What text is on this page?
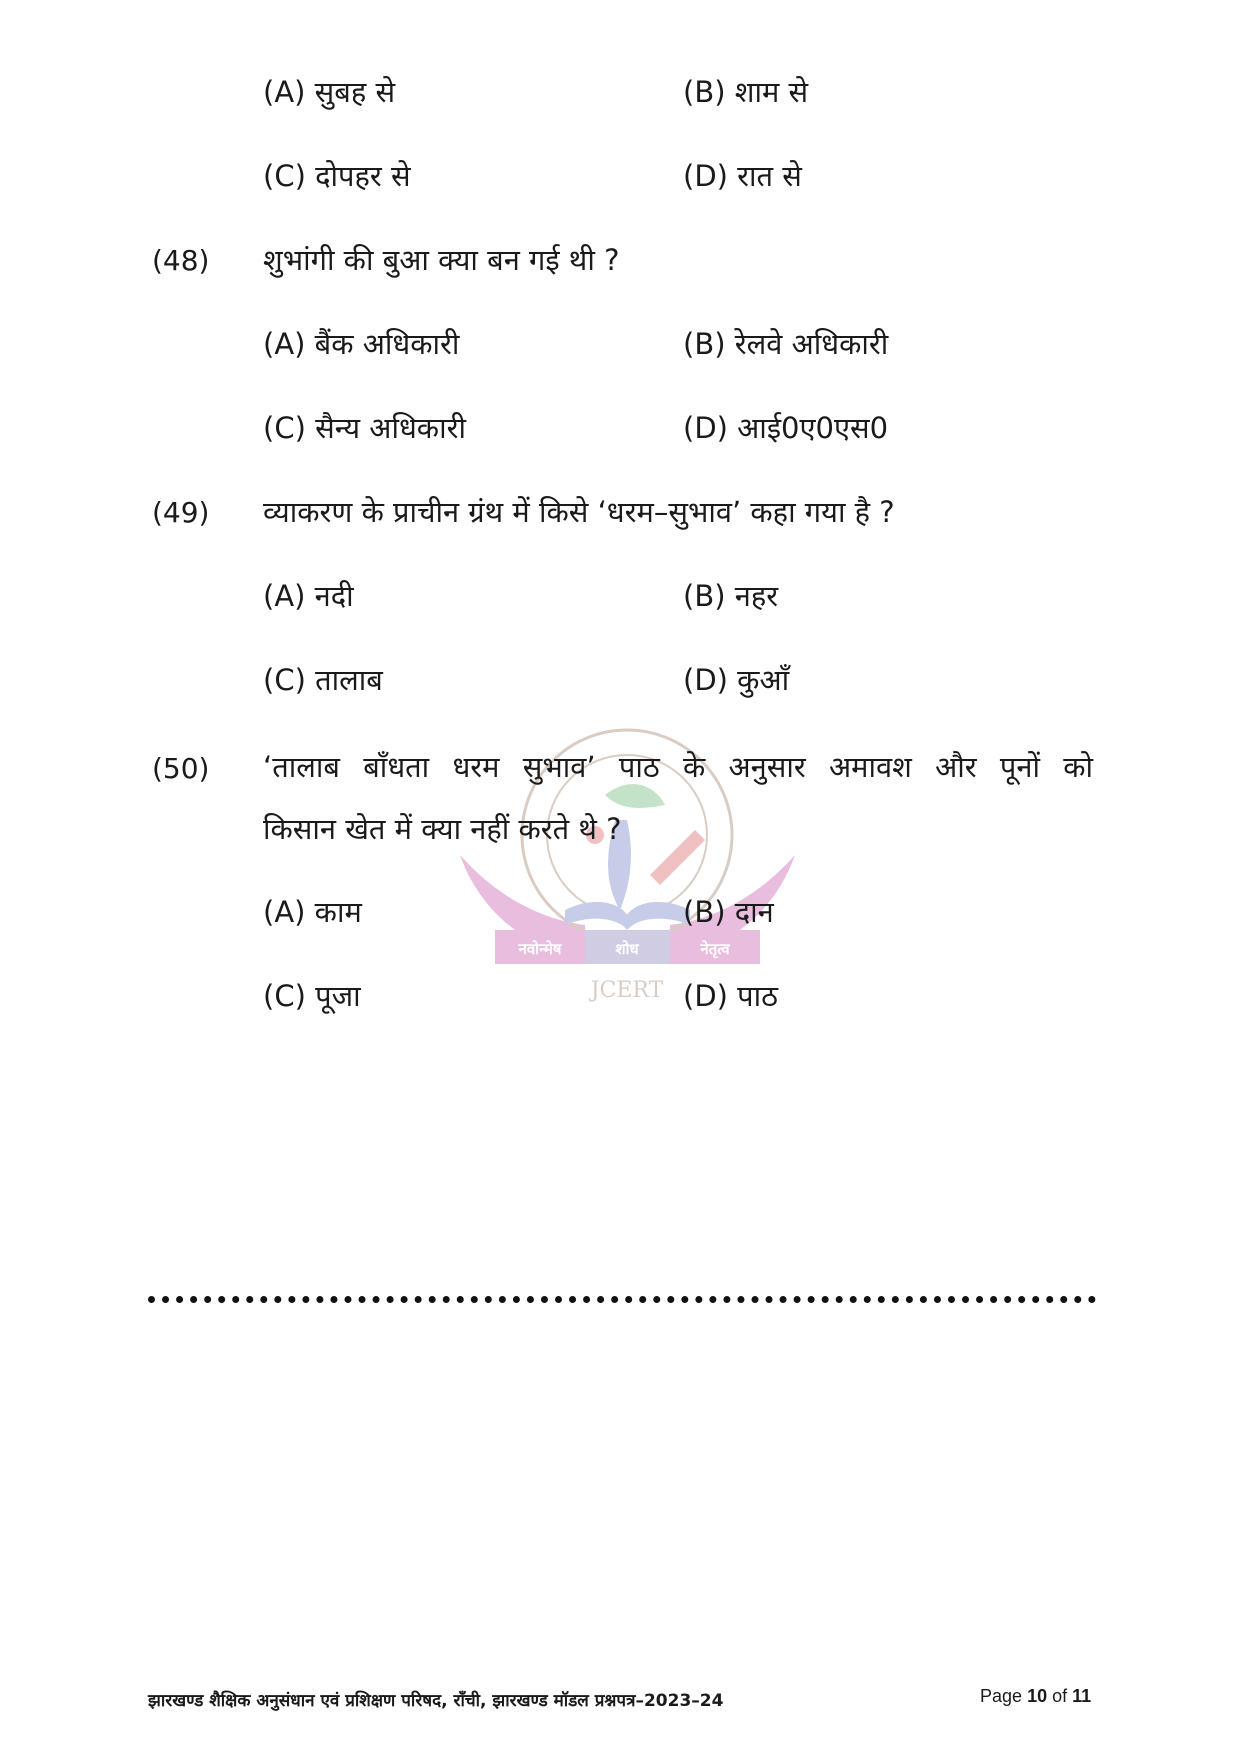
नवोन्मेष	शोध	नेतृत्व
JCERT
(A) सुबह से	(B) शाम से
(C) दोपहर से	(D) रात से
(48) शुभांगी की बुआ क्या बन गई थी ?
(A) बैंक अधिकारी	(B) रेलवे अधिकारी
(C) सैन्य अधिकारी	(D) आई0ए0एस0
(49) व्याकरण के प्राचीन ग्रंथ में किसे ‘धरम–सुभाव’ कहा गया है ?
(A) नदी	(B) नहर
(C) तालाब	(D) कुआँ
(50) ‘तालाब बाँधता धरम सुभाव’ पाठ के अनुसार अमावश और पूनों को
किसान खेत में क्या नहीं करते थे ?
(A) काम	(B) दान
(C) पूजा	(D) पाठ
झारखण्ड शैक्षिक अनुसंधान एवं प्रशिक्षण परिषद, राँची, झारखण्ड मॉडल प्रश्नपत्र–2023–24	Page 10 of 11
